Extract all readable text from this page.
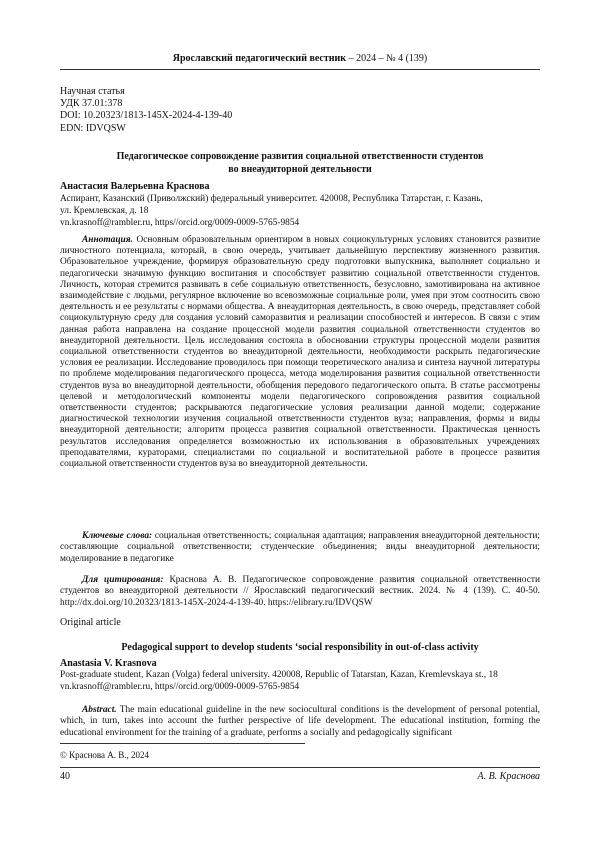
Ярославский педагогический вестник – 2024 – № 4 (139)
Научная статья
УДК 37.01:378
DOI: 10.20323/1813-145X-2024-4-139-40
EDN: IDVQSW
Педагогическое сопровождение развития социальной ответственности студентов
во внеаудиторной деятельности
Анастасия Валерьевна Краснова
Аспирант, Казанский (Приволжский) федеральный университет. 420008, Республика Татарстан, г. Казань,
ул. Кремлевская, д. 18
vn.krasnoff@rambler.ru, https//orcid.org/0009-0009-5765-9854
Аннотация. Основным образовательным ориентиром в новых социокультурных условиях становится развитие личностного потенциала, который, в свою очередь, учитывает дальнейшую перспективу жизненного развития. Образовательное учреждение, формируя образовательную среду подготовки выпускника, выполняет социально и педагогически значимую функцию воспитания и способствует развитию социальной ответственности студентов. Личность, которая стремится развивать в себе социальную ответственность, безусловно, замотивирована на активное взаимодействие с людьми, регулярное включение во всевозможные социальные роли, умея при этом соотносить свою деятельность и ее результаты с нормами общества. А внеаудиторная деятельность, в свою очередь, представляет собой социокультурную среду для создания условий самоpазвития и реализации способностей и интересов. В связи с этим данная работа направлена на создание процессной модели развития социальной ответственности студентов во внеаудиторной деятельности. Цель исследования состояла в обосновании структуры процессной модели развития социальной ответственности студентов во внеаудиторной деятельности, необходимости раскрыть педагогические условия ее реализации. Исследование проводилось при помощи теоретического анализа и синтеза научной литературы по проблеме моделирования педагогического процесса, метода моделирования развития социальной ответственности студентов вуза во внеаудиторной деятельности, обобщения передового педагогического опыта. В статье рассмотрены целевой и методологический компоненты модели педагогического сопровождения развития социальной ответственности студентов; раскрываются педагогические условия реализации данной модели; содержание диагностической технологии изучения социальной ответственности студентов вуза; направления, формы и виды внеаудиторной деятельности; алгоритм процесса развития социальной ответственности. Практическая ценность результатов исследования определяется возможностью их использования в образовательных учреждениях преподавателями, кураторами, специалистами по социальной и воспитательной работе в процессе развития социальной ответственности студентов вуза во внеаудиторной деятельности.
Ключевые слова: социальная ответственность; социальная адаптация; направления внеаудиторной деятельности; составляющие социальной ответственности; студенческие объединения; виды внеаудиторной деятельности; моделирование в педагогике
Для цитирования: Краснова А. В. Педагогическое сопровождение развития социальной ответственности студентов во внеаудиторной деятельности // Ярославский педагогический вестник. 2024. № 4 (139). С. 40-50. http://dx.doi.org/10.20323/1813-145X-2024-4-139-40. https://elibrary.ru/IDVQSW
Original article
Pedagogical support to develop students ‘social responsibility in out-of-class activity
Anastasia V. Krasnova
Post-graduate student, Kazan (Volga) federal university. 420008, Republic of Tatarstan, Kazan, Kremlevskaya st., 18
vn.krasnoff@rambler.ru, https//orcid.org/0009-0009-5765-9854
Abstract. The main educational guideline in the new sociocultural conditions is the development of personal potential, which, in turn, takes into account the further perspective of life development. The educational institution, forming the educational environment for the training of a graduate, performs a socially and pedagogically significant
© Краснова А. В., 2024
40	А. В. Краснова
